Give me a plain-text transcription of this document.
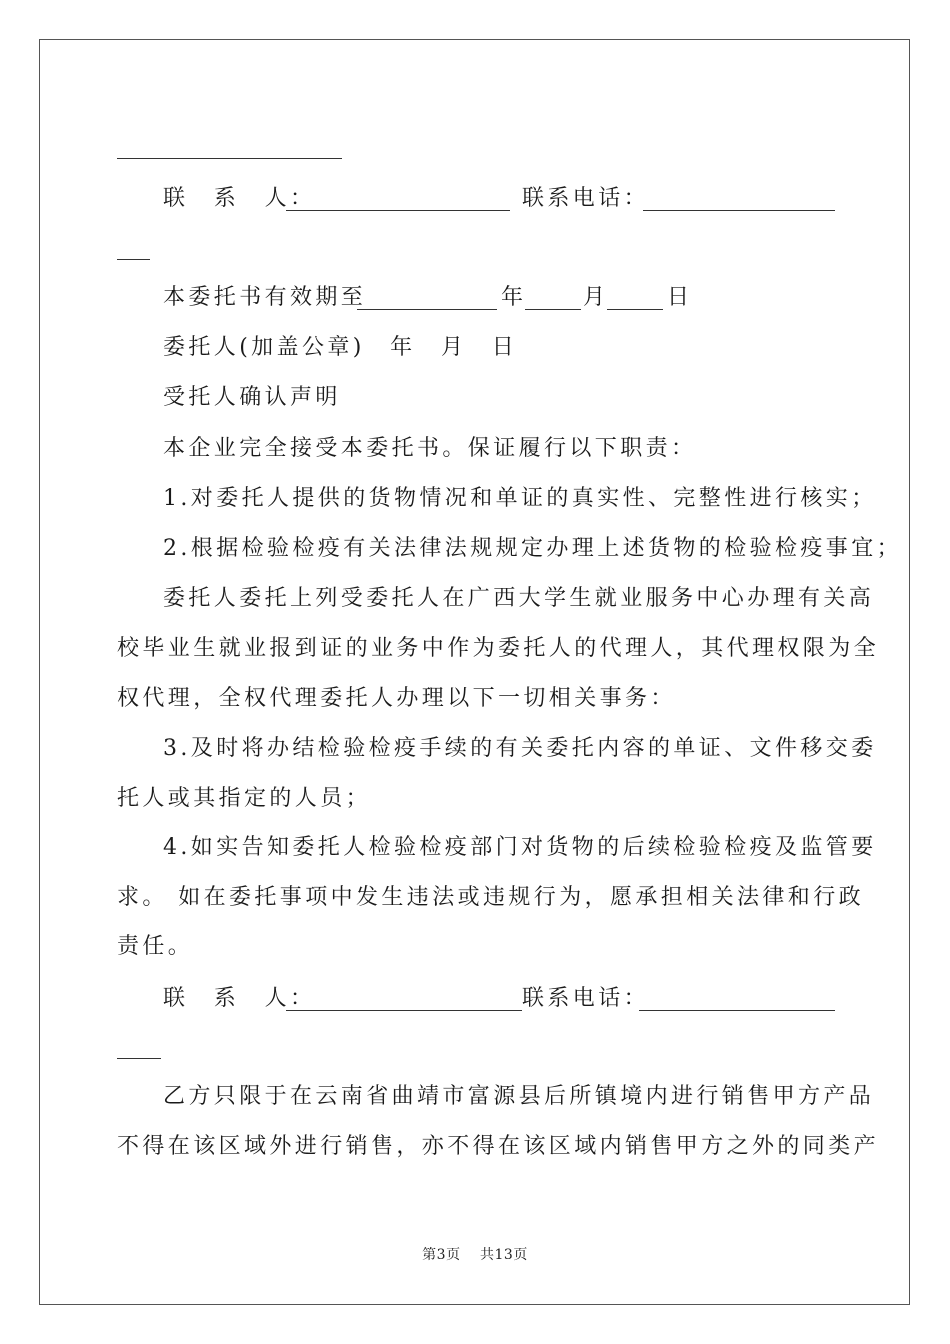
联　系　人：	联系电话：
本委托书有效期至	年	月	日
委托人(加盖公章)　年　月　日
受托人确认声明
本企业完全接受本委托书。保证履行以下职责：
1.对委托人提供的货物情况和单证的真实性、完整性进行核实；
2.根据检验检疫有关法律法规规定办理上述货物的检验检疫事宜；
委托人委托上列受委托人在广西大学生就业服务中心办理有关高
校毕业生就业报到证的业务中作为委托人的代理人，其代理权限为全
权代理，全权代理委托人办理以下一切相关事务：
3.及时将办结检验检疫手续的有关委托内容的单证、文件移交委
托人或其指定的人员；
4.如实告知委托人检验检疫部门对货物的后续检验检疫及监管要
求。 如在委托事项中发生违法或违规行为，愿承担相关法律和行政
责任。
联　系　人：	联系电话：
乙方只限于在云南省曲靖市富源县后所镇境内进行销售甲方产品
不得在该区域外进行销售，亦不得在该区域内销售甲方之外的同类产
第3页　 共13页
